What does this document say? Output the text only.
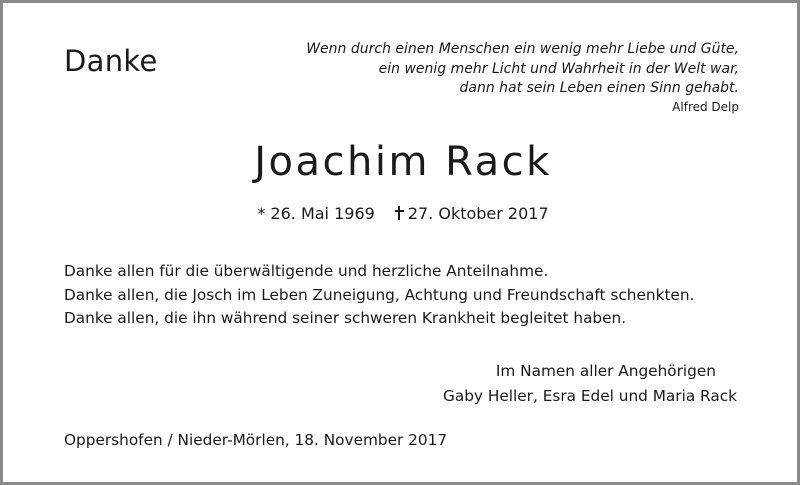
Danke	Wenn durch einen Menschen ein wenig mehr Liebe und Güte,
ein wenig mehr Licht und Wahrheit in der Welt war,
dann hat sein Leben einen Sinn gehabt.
Alfred Delp
Joachim Rack
* 26. Mai 1969 27. Oktober 2017
Danke allen für die überwältigende und herzliche Anteilnahme.
Danke allen, die Josch im Leben Zuneigung, Achtung und Freundschaft schenkten.
Danke allen, die ihn während seiner schweren Krankheit begleitet haben.
Im Namen aller Angehörigen
Gaby Heller, Esra Edel und Maria Rack
Oppershofen / Nieder-Mörlen, 18. November 2017
